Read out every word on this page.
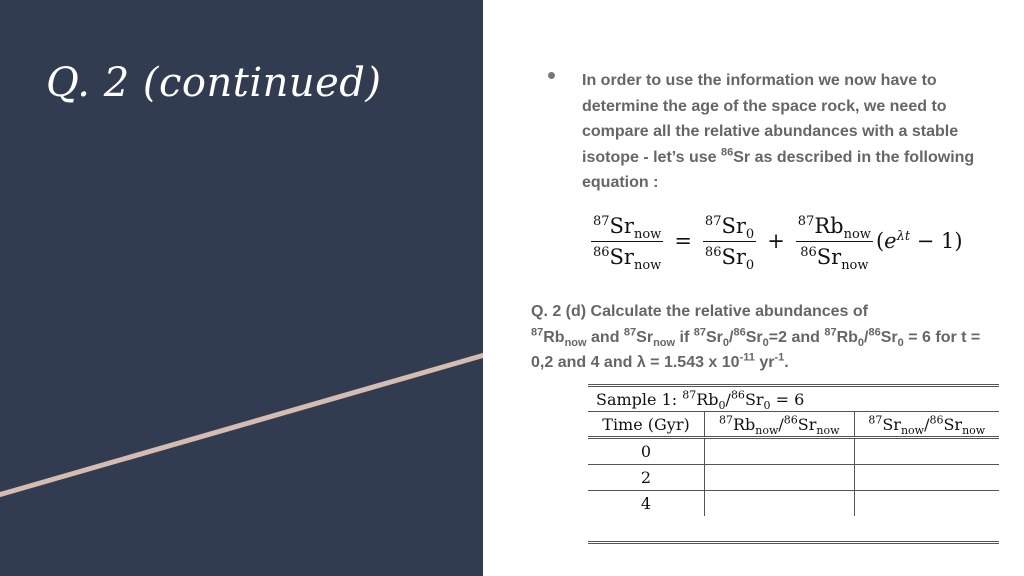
Q. 2 (continued)	In order to use the information we now have to determine the age of the space rock, we need to compare all the relative abundances with a stable isotope - let’s use $^{86}$Sr as described in the following equation :
$\frac{^{87}Sr_{now}}{^{86}Sr_{now}} = \frac{^{87}Sr_0}{^{86}Sr_0} + \frac{^{87}Rb_{now}}{^{86}Sr_{now}} (e^{\lambda t} - 1)$
Q. 2 (d) Calculate the relative abundances of
$^{87}Rb_{now}$ and $^{87}Sr_{now}$ if $^{87}Sr_0/^{86}Sr_0=2$ and $^{87}Rb_0/^{86}Sr_0 = 6$ for t = 0,2 and 4 and λ = 1.543 x $10^{-11}$ $yr^{-1}$.
Sample 1: $^{87}Rb_0/^{86}Sr_0 = 6$		
Time (Gyr)	$^{87}Rb_{now}/^{86}Sr_{now}$	$^{87}Sr_{now}/^{86}Sr_{now}$
0		
2		
4		
